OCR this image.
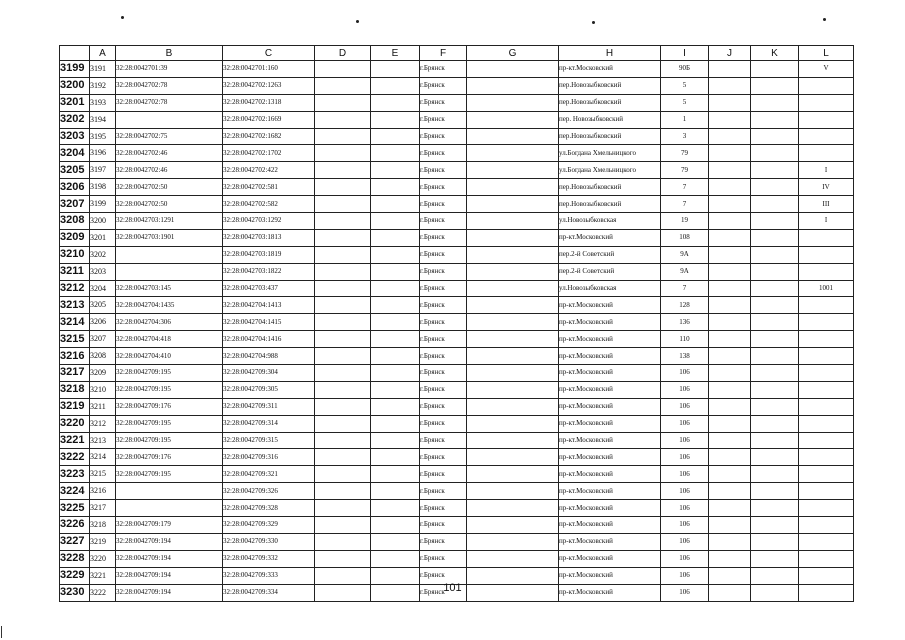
	A	B	C	D	E	F	G	H	I	J	K	L
3199	3191	32:28:0042701:39	32:28:0042701:160			г.Брянск		пр-кт.Московский	90Б			V
3200	3192	32:28:0042702:78	32:28:0042702:1263			г.Брянск		пер.Новозыбковский	5			
3201	3193	32:28:0042702:78	32:28:0042702:1318			г.Брянск		пер.Новозыбковский	5			
3202	3194		32:28:0042702:1669			г.Брянск		пер. Новозыбковский	1			
3203	3195	32:28:0042702:75	32:28:0042702:1682			г.Брянск		пер.Новозыбковский	3			
3204	3196	32:28:0042702:46	32:28:0042702:1702			г.Брянск		ул.Богдана Хмельницкого	79			
3205	3197	32:28:0042702:46	32:28:0042702:422			г.Брянск		ул.Богдана Хмельницкого	79			I
3206	3198	32:28:0042702:50	32:28:0042702:581			г.Брянск		пер.Новозыбковский	7			IV
3207	3199	32:28:0042702:50	32:28:0042702:582			г.Брянск		пер.Новозыбковский	7			III
3208	3200	32:28:0042703:1291	32:28:0042703:1292			г.Брянск		ул.Новозыбковская	19			I
3209	3201	32:28:0042703:1901	32:28:0042703:1813			г.Брянск		пр-кт.Московский	108			
3210	3202		32:28:0042703:1819			г.Брянск		пер.2-й Советский	9А			
3211	3203		32:28:0042703:1822			г.Брянск		пер.2-й Советский	9А			
3212	3204	32:28:0042703:145	32:28:0042703:437			г.Брянск		ул.Новозыбковская	7			1001
3213	3205	32:28:0042704:1435	32:28:0042704:1413			г.Брянск		пр-кт.Московский	128			
3214	3206	32:28:0042704:306	32:28:0042704:1415			г.Брянск		пр-кт.Московский	136			
3215	3207	32:28:0042704:418	32:28:0042704:1416			г.Брянск		пр-кт.Московский	110			
3216	3208	32:28:0042704:410	32:28:0042704:988			г.Брянск		пр-кт.Московский	138			
3217	3209	32:28:0042709:195	32:28:0042709:304			г.Брянск		пр-кт.Московский	106			
3218	3210	32:28:0042709:195	32:28:0042709:305			г.Брянск		пр-кт.Московский	106			
3219	3211	32:28:0042709:176	32:28:0042709:311			г.Брянск		пр-кт.Московский	106			
3220	3212	32:28:0042709:195	32:28:0042709:314			г.Брянск		пр-кт.Московский	106			
3221	3213	32:28:0042709:195	32:28:0042709:315			г.Брянск		пр-кт.Московский	106			
3222	3214	32:28:0042709:176	32:28:0042709:316			г.Брянск		пр-кт.Московский	106			
3223	3215	32:28:0042709:195	32:28:0042709:321			г.Брянск		пр-кт.Московский	106			
3224	3216		32:28:0042709:326			г.Брянск		пр-кт.Московский	106			
3225	3217		32:28:0042709:328			г.Брянск		пр-кт.Московский	106			
3226	3218	32:28:0042709:179	32:28:0042709:329			г.Брянск		пр-кт.Московский	106			
3227	3219	32:28:0042709:194	32:28:0042709:330			г.Брянск		пр-кт.Московский	106			
3228	3220	32:28:0042709:194	32:28:0042709:332			г.Брянск		пр-кт.Московский	106			
3229	3221	32:28:0042709:194	32:28:0042709:333			г.Брянск		пр-кт.Московский	106			
3230	3222	32:28:0042709:194	32:28:0042709:334			г.Брянск		пр-кт.Московский	106			
101
